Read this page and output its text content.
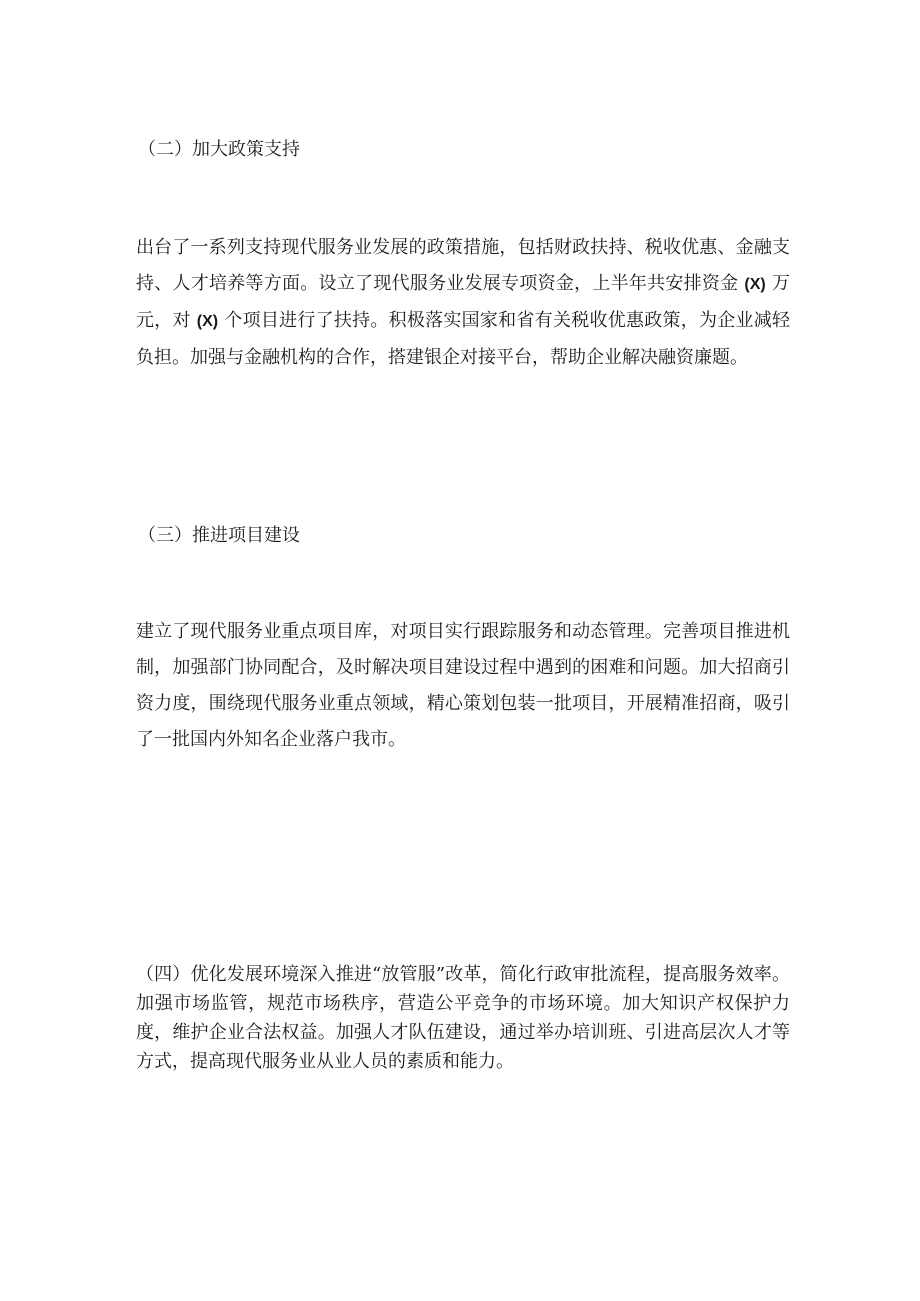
（二）加大政策支持
出台了一系列支持现代服务业发展的政策措施，包括财政扶持、税收优惠、金融支持、人才培养等方面。设立了现代服务业发展专项资金，上半年共安排资金 (X) 万元，对 (X) 个项目进行了扶持。积极落实国家和省有关税收优惠政策，为企业减轻负担。加强与金融机构的合作，搭建银企对接平台，帮助企业解决融资廉题。
（三）推进项目建设
建立了现代服务业重点项目库，对项目实行跟踪服务和动态管理。完善项目推进机制，加强部门协同配合，及时解决项目建设过程中遇到的困难和问题。加大招商引资力度，围绕现代服务业重点领域，精心策划包装一批项目，开展精准招商，吸引了一批国内外知名企业落户我市。
（四）优化发展环境深入推进“放管服”改革，简化行政审批流程，提高服务效率。加强市场监管，规范市场秩序，营造公平竞争的市场环境。加大知识产权保护力度，维护企业合法权益。加强人才队伍建设，通过举办培训班、引进高层次人才等方式，提高现代服务业从业人员的素质和能力。
